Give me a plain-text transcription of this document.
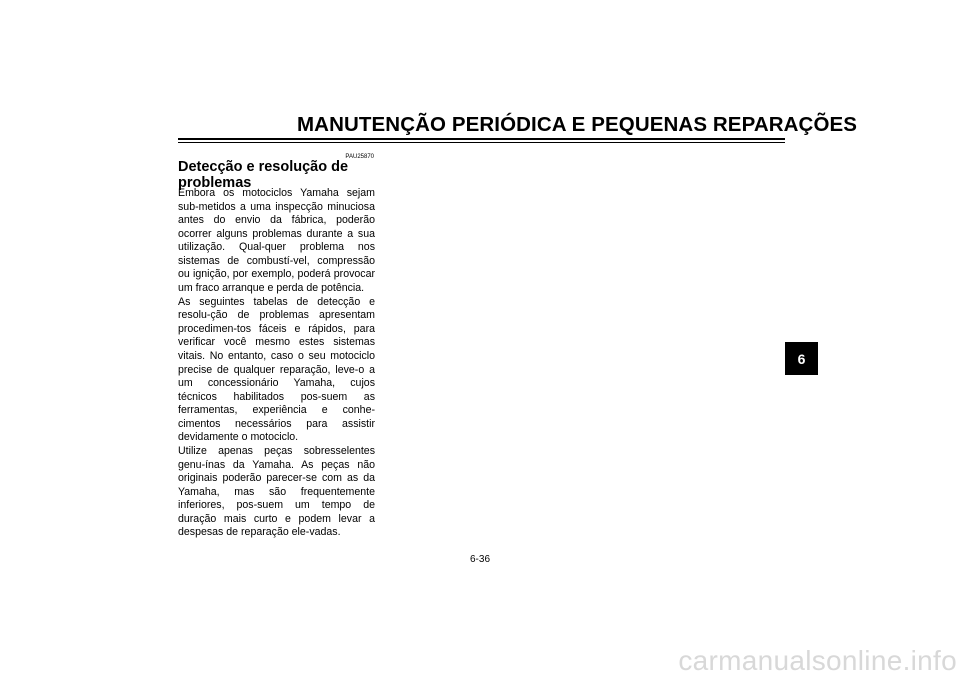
MANUTENÇÃO PERIÓDICA E PEQUENAS REPARAÇÕES
PAU25870
Detecção e resolução de problemas

Embora os motociclos Yamaha sejam sub-metidos a uma inspecção minuciosa antes do envio da fábrica, poderão ocorrer alguns problemas durante a sua utilização. Qual-quer problema nos sistemas de combustí-vel, compressão ou ignição, por exemplo, poderá provocar um fraco arranque e perda de potência.

As seguintes tabelas de detecção e resolu-ção de problemas apresentam procedimen-tos fáceis e rápidos, para verificar você mesmo estes sistemas vitais. No entanto, caso o seu motociclo precise de qualquer reparação, leve-o a um concessionário Yamaha, cujos técnicos habilitados pos-suem as ferramentas, experiência e conhe-cimentos necessários para assistir devidamente o motociclo.

Utilize apenas peças sobresselentes genu-ínas da Yamaha. As peças não originais poderão parecer-se com as da Yamaha, mas são frequentemente inferiores, pos-suem um tempo de duração mais curto e podem levar a despesas de reparação ele-vadas.

6
6-36
carmanualsonline.info
